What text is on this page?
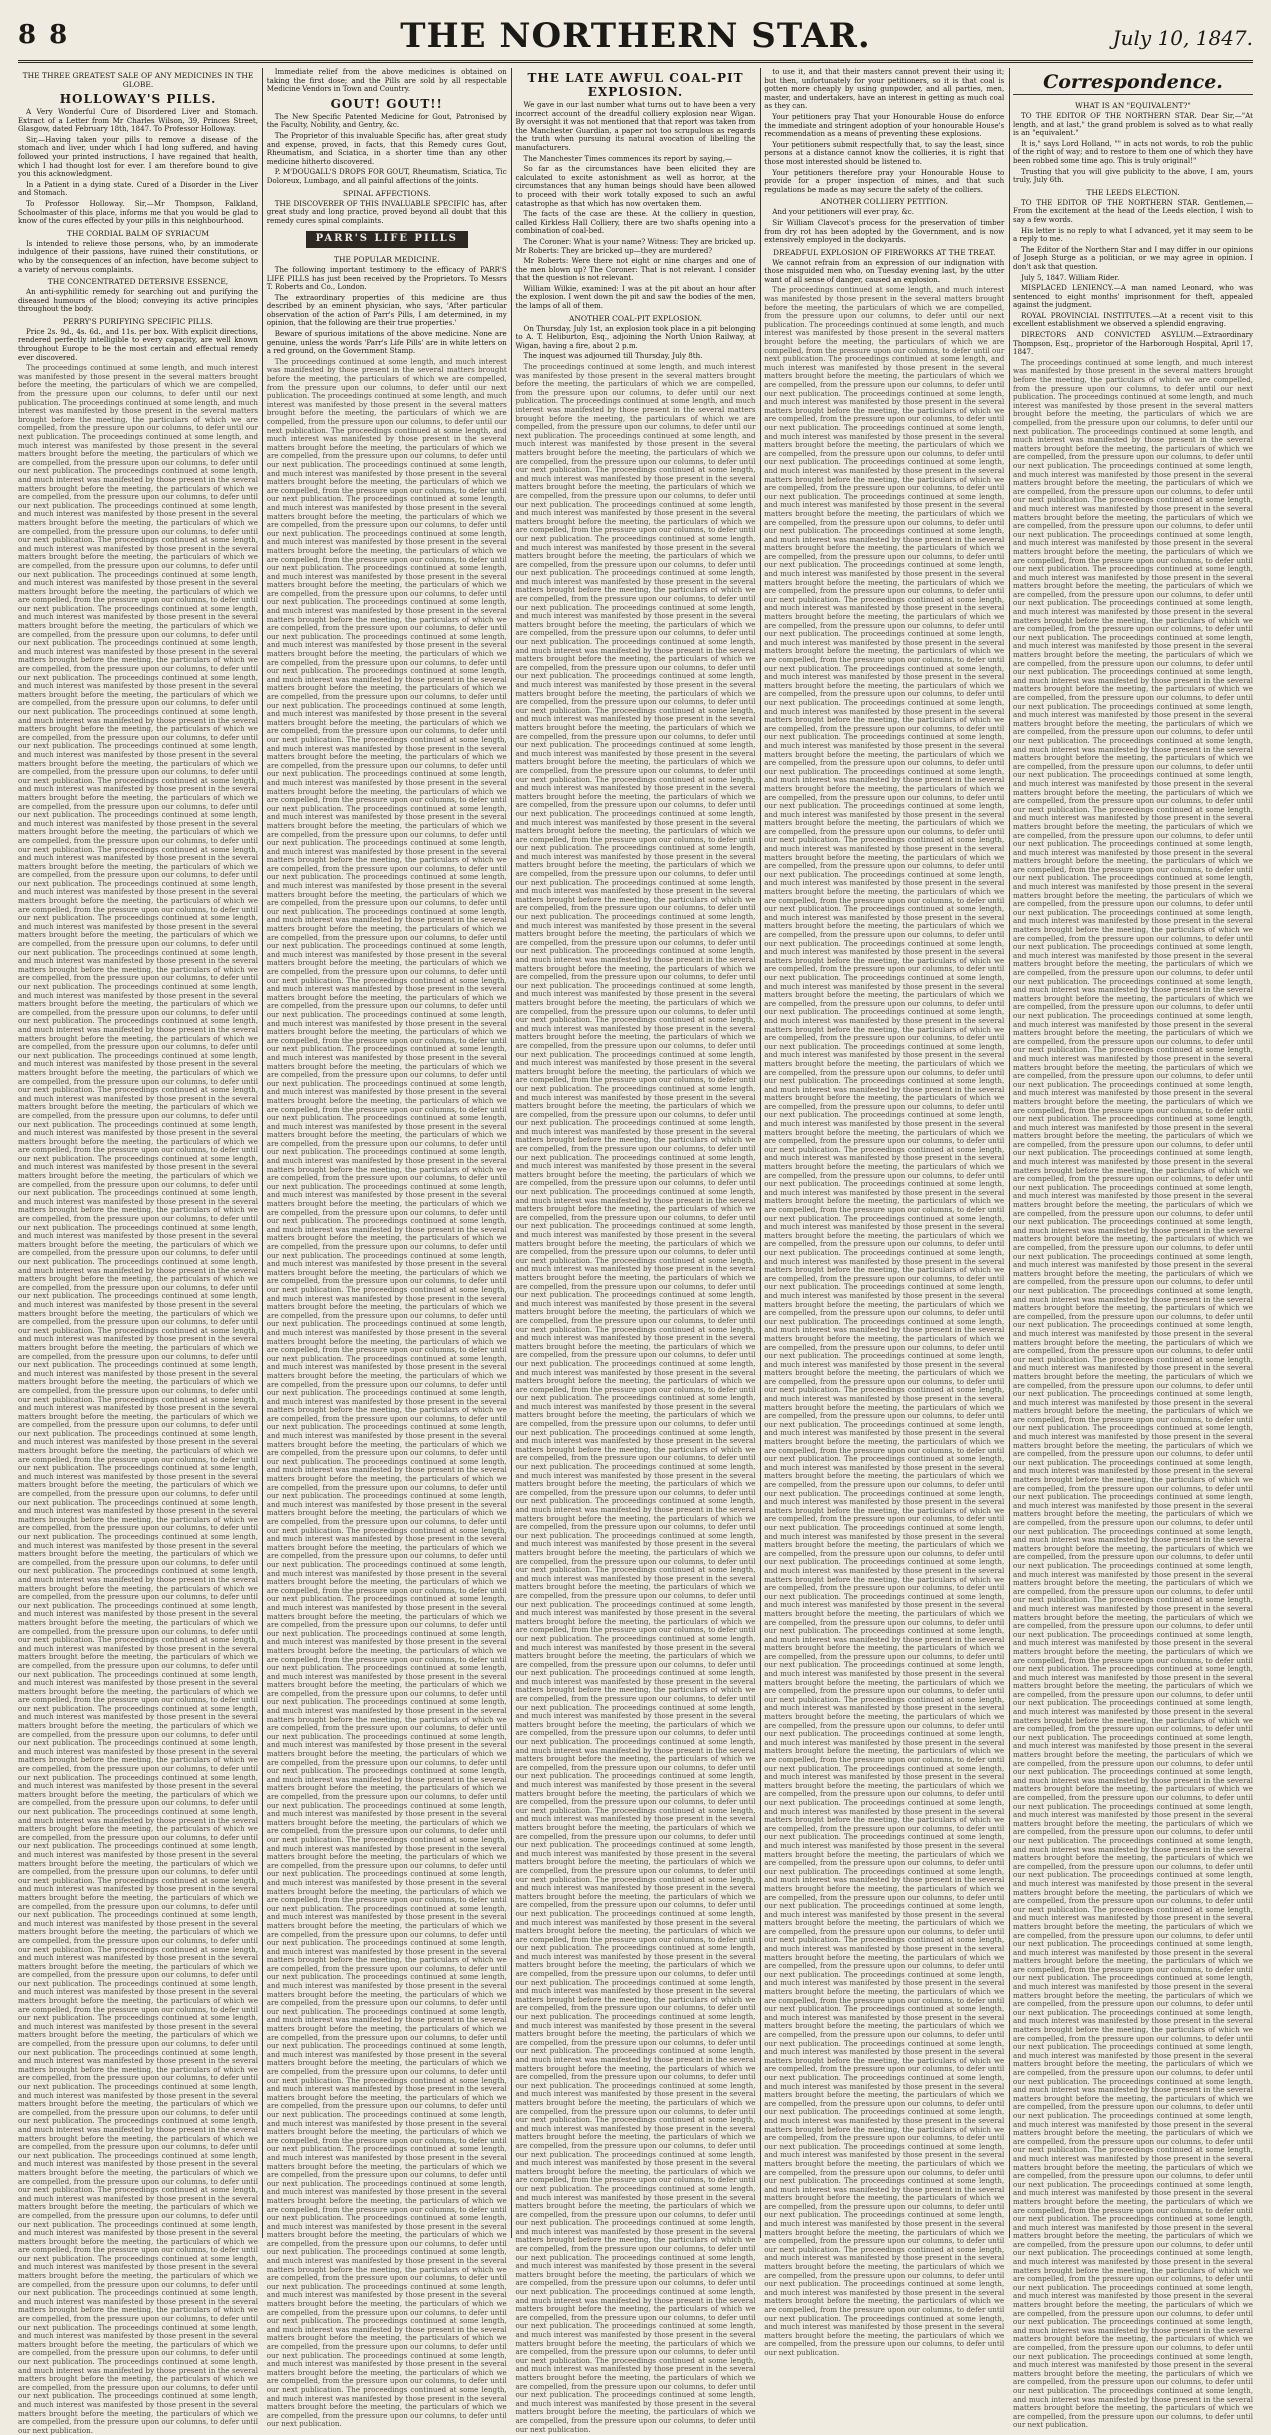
8 8	THE NORTHERN STAR.	July 10, 1847.
THE THREE GREATEST SALE OF ANY MEDICINES IN THE GLOBE.
HOLLOWAY'S PILLS.

A Very Wonderful Cure of Disordered Liver and Stomach. Extract of a Letter from Mr Charles Wilson, 39, Princes Street, Glasgow, dated February 18th, 1847. To Professor Holloway.

Sir,—Having taken your pills to remove a disease of the stomach and liver, under which I had long suffered, and having followed your printed instructions, I have regained that health, which I had thought lost for ever. I am therefore bound to give you this acknowledgment.

In a Patient in a dying state. Cured of a Disorder in the Liver and Stomach.

To Professor Holloway. Sir,—Mr Thompson, Falkland, Schoolmaster of this place, informs me that you would be glad to know of the cures effected by your pills in this neighbourhood.

THE CORDIAL BALM OF SYRIACUM

Is intended to relieve those persons, who, by an immoderate indulgence of their passions, have ruined their constitutions, or who by the consequences of an infection, have become subject to a variety of nervous complaints.

THE CONCENTRATED DETERSIVE ESSENCE,

An anti-syphilitic remedy for searching out and purifying the diseased humours of the blood; conveying its active principles throughout the body.

PERRY'S PURIFYING SPECIFIC PILLS.

Price 2s. 9d., 4s. 6d., and 11s. per box. With explicit directions, rendered perfectly intelligible to every capacity, are well known throughout Europe to be the most certain and effectual remedy ever discovered.

The proceedings continued at some length, and much interest was manifested by those present in the several matters brought before the meeting, the particulars of which we are compelled, from the pressure upon our columns, to defer until our next publication. The proceedings continued at some length, and much interest was manifested by those present in the several matters brought before the meeting, the particulars of which we are compelled, from the pressure upon our columns, to defer until our next publication. The proceedings continued at some length, and much interest was manifested by those present in the several matters brought before the meeting, the particulars of which we are compelled, from the pressure upon our columns, to defer until our next publication. The proceedings continued at some length, and much interest was manifested by those present in the several matters brought before the meeting, the particulars of which we are compelled, from the pressure upon our columns, to defer until our next publication. The proceedings continued at some length, and much interest was manifested by those present in the several matters brought before the meeting, the particulars of which we are compelled, from the pressure upon our columns, to defer until our next publication. The proceedings continued at some length, and much interest was manifested by those present in the several matters brought before the meeting, the particulars of which we are compelled, from the pressure upon our columns, to defer until our next publication. The proceedings continued at some length, and much interest was manifested by those present in the several matters brought before the meeting, the particulars of which we are compelled, from the pressure upon our columns, to defer until our next publication. The proceedings continued at some length, and much interest was manifested by those present in the several matters brought before the meeting, the particulars of which we are compelled, from the pressure upon our columns, to defer until our next publication. The proceedings continued at some length, and much interest was manifested by those present in the several matters brought before the meeting, the particulars of which we are compelled, from the pressure upon our columns, to defer until our next publication. The proceedings continued at some length, and much interest was manifested by those present in the several matters brought before the meeting, the particulars of which we are compelled, from the pressure upon our columns, to defer until our next publication. The proceedings continued at some length, and much interest was manifested by those present in the several matters brought before the meeting, the particulars of which we are compelled, from the pressure upon our columns, to defer until our next publication. The proceedings continued at some length, and much interest was manifested by those present in the several matters brought before the meeting, the particulars of which we are compelled, from the pressure upon our columns, to defer until our next publication. The proceedings continued at some length, and much interest was manifested by those present in the several matters brought before the meeting, the particulars of which we are compelled, from the pressure upon our columns, to defer until our next publication. The proceedings continued at some length, and much interest was manifested by those present in the several matters brought before the meeting, the particulars of which we are compelled, from the pressure upon our columns, to defer until our next publication. The proceedings continued at some length, and much interest was manifested by those present in the several matters brought before the meeting, the particulars of which we are compelled, from the pressure upon our columns, to defer until our next publication. The proceedings continued at some length, and much interest was manifested by those present in the several matters brought before the meeting, the particulars of which we are compelled, from the pressure upon our columns, to defer until our next publication. The proceedings continued at some length, and much interest was manifested by those present in the several matters brought before the meeting, the particulars of which we are compelled, from the pressure upon our columns, to defer until our next publication. The proceedings continued at some length, and much interest was manifested by those present in the several matters brought before the meeting, the particulars of which we are compelled, from the pressure upon our columns, to defer until our next publication. The proceedings continued at some length, and much interest was manifested by those present in the several matters brought before the meeting, the particulars of which we are compelled, from the pressure upon our columns, to defer until our next publication. The proceedings continued at some length, and much interest was manifested by those present in the several matters brought before the meeting, the particulars of which we are compelled, from the pressure upon our columns, to defer until our next publication. The proceedings continued at some length, and much interest was manifested by those present in the several matters brought before the meeting, the particulars of which we are compelled, from the pressure upon our columns, to defer until our next publication. The proceedings continued at some length, and much interest was manifested by those present in the several matters brought before the meeting, the particulars of which we are compelled, from the pressure upon our columns, to defer until our next publication. The proceedings continued at some length, and much interest was manifested by those present in the several matters brought before the meeting, the particulars of which we are compelled, from the pressure upon our columns, to defer until our next publication. The proceedings continued at some length, and much interest was manifested by those present in the several matters brought before the meeting, the particulars of which we are compelled, from the pressure upon our columns, to defer until our next publication. The proceedings continued at some length, and much interest was manifested by those present in the several matters brought before the meeting, the particulars of which we are compelled, from the pressure upon our columns, to defer until our next publication. The proceedings continued at some length, and much interest was manifested by those present in the several matters brought before the meeting, the particulars of which we are compelled, from the pressure upon our columns, to defer until our next publication. The proceedings continued at some length, and much interest was manifested by those present in the several matters brought before the meeting, the particulars of which we are compelled, from the pressure upon our columns, to defer until our next publication. The proceedings continued at some length, and much interest was manifested by those present in the several matters brought before the meeting, the particulars of which we are compelled, from the pressure upon our columns, to defer until our next publication. The proceedings continued at some length, and much interest was manifested by those present in the several matters brought before the meeting, the particulars of which we are compelled, from the pressure upon our columns, to defer until our next publication. The proceedings continued at some length, and much interest was manifested by those present in the several matters brought before the meeting, the particulars of which we are compelled, from the pressure upon our columns, to defer until our next publication. The proceedings continued at some length, and much interest was manifested by those present in the several matters brought before the meeting, the particulars of which we are compelled, from the pressure upon our columns, to defer until our next publication. The proceedings continued at some length, and much interest was manifested by those present in the several matters brought before the meeting, the particulars of which we are compelled, from the pressure upon our columns, to defer until our next publication. The proceedings continued at some length, and much interest was manifested by those present in the several matters brought before the meeting, the particulars of which we are compelled, from the pressure upon our columns, to defer until our next publication. The proceedings continued at some length, and much interest was manifested by those present in the several matters brought before the meeting, the particulars of which we are compelled, from the pressure upon our columns, to defer until our next publication. The proceedings continued at some length, and much interest was manifested by those present in the several matters brought before the meeting, the particulars of which we are compelled, from the pressure upon our columns, to defer until our next publication. The proceedings continued at some length, and much interest was manifested by those present in the several matters brought before the meeting, the particulars of which we are compelled, from the pressure upon our columns, to defer until our next publication. The proceedings continued at some length, and much interest was manifested by those present in the several matters brought before the meeting, the particulars of which we are compelled, from the pressure upon our columns, to defer until our next publication. The proceedings continued at some length, and much interest was manifested by those present in the several matters brought before the meeting, the particulars of which we are compelled, from the pressure upon our columns, to defer until our next publication. The proceedings continued at some length, and much interest was manifested by those present in the several matters brought before the meeting, the particulars of which we are compelled, from the pressure upon our columns, to defer until our next publication. The proceedings continued at some length, and much interest was manifested by those present in the several matters brought before the meeting, the particulars of which we are compelled, from the pressure upon our columns, to defer until our next publication. The proceedings continued at some length, and much interest was manifested by those present in the several matters brought before the meeting, the particulars of which we are compelled, from the pressure upon our columns, to defer until our next publication. The proceedings continued at some length, and much interest was manifested by those present in the several matters brought before the meeting, the particulars of which we are compelled, from the pressure upon our columns, to defer until our next publication. The proceedings continued at some length, and much interest was manifested by those present in the several matters brought before the meeting, the particulars of which we are compelled, from the pressure upon our columns, to defer until our next publication. The proceedings continued at some length, and much interest was manifested by those present in the several matters brought before the meeting, the particulars of which we are compelled, from the pressure upon our columns, to defer until our next publication. The proceedings continued at some length, and much interest was manifested by those present in the several matters brought before the meeting, the particulars of which we are compelled, from the pressure upon our columns, to defer until our next publication. The proceedings continued at some length, and much interest was manifested by those present in the several matters brought before the meeting, the particulars of which we are compelled, from the pressure upon our columns, to defer until our next publication. The proceedings continued at some length, and much interest was manifested by those present in the several matters brought before the meeting, the particulars of which we are compelled, from the pressure upon our columns, to defer until our next publication. The proceedings continued at some length, and much interest was manifested by those present in the several matters brought before the meeting, the particulars of which we are compelled, from the pressure upon our columns, to defer until our next publication. The proceedings continued at some length, and much interest was manifested by those present in the several matters brought before the meeting, the particulars of which we are compelled, from the pressure upon our columns, to defer until our next publication. The proceedings continued at some length, and much interest was manifested by those present in the several matters brought before the meeting, the particulars of which we are compelled, from the pressure upon our columns, to defer until our next publication. The proceedings continued at some length, and much interest was manifested by those present in the several matters brought before the meeting, the particulars of which we are compelled, from the pressure upon our columns, to defer until our next publication. The proceedings continued at some length, and much interest was manifested by those present in the several matters brought before the meeting, the particulars of which we are compelled, from the pressure upon our columns, to defer until our next publication. The proceedings continued at some length, and much interest was manifested by those present in the several matters brought before the meeting, the particulars of which we are compelled, from the pressure upon our columns, to defer until our next publication. The proceedings continued at some length, and much interest was manifested by those present in the several matters brought before the meeting, the particulars of which we are compelled, from the pressure upon our columns, to defer until our next publication. The proceedings continued at some length, and much interest was manifested by those present in the several matters brought before the meeting, the particulars of which we are compelled, from the pressure upon our columns, to defer until our next publication. The proceedings continued at some length, and much interest was manifested by those present in the several matters brought before the meeting, the particulars of which we are compelled, from the pressure upon our columns, to defer until our next publication. The proceedings continued at some length, and much interest was manifested by those present in the several matters brought before the meeting, the particulars of which we are compelled, from the pressure upon our columns, to defer until our next publication. The proceedings continued at some length, and much interest was manifested by those present in the several matters brought before the meeting, the particulars of which we are compelled, from the pressure upon our columns, to defer until our next publication. The proceedings continued at some length, and much interest was manifested by those present in the several matters brought before the meeting, the particulars of which we are compelled, from the pressure upon our columns, to defer until our next publication. The proceedings continued at some length, and much interest was manifested by those present in the several matters brought before the meeting, the particulars of which we are compelled, from the pressure upon our columns, to defer until our next publication.

Immediate relief from the above medicines is obtained on taking the first dose; and the Pills are sold by all respectable Medicine Vendors in Town and Country.

GOUT! GOUT!!

The New Specific Patented Medicine for Gout, Patronised by the Faculty, Nobility, and Gentry, &c.

The Proprietor of this invaluable Specific has, after great study and expense, proved, in facts, that this Remedy cures Gout, Rheumatism, and Sciatica, in a shorter time than any other medicine hitherto discovered.

P. M'DOUGALL'S DROPS FOR GOUT, Rheumatism, Sciatica, Tic Doloreux, Lumbago, and all painful affections of the joints.

SPINAL AFFECTIONS.

THE DISCOVERER OF THIS INVALUABLE SPECIFIC has, after great study and long practice, proved beyond all doubt that this remedy cures spinal complaints.

PARR'S LIFE PILLS
THE POPULAR MEDICINE.

The following important testimony to the efficacy of PARR'S LIFE PILLS has just been received by the Proprietors. To Messrs T. Roberts and Co., London.

The extraordinary properties of this medicine are thus described by an eminent physician, who says, 'After particular observation of the action of Parr's Pills, I am determined, in my opinion, that the following are their true properties.'

Beware of spurious imitations of the above medicine. None are genuine, unless the words 'Parr's Life Pills' are in white letters on a red ground, on the Government Stamp.

The proceedings continued at some length, and much interest was manifested by those present in the several matters brought before the meeting, the particulars of which we are compelled, from the pressure upon our columns, to defer until our next publication. The proceedings continued at some length, and much interest was manifested by those present in the several matters brought before the meeting, the particulars of which we are compelled, from the pressure upon our columns, to defer until our next publication. The proceedings continued at some length, and much interest was manifested by those present in the several matters brought before the meeting, the particulars of which we are compelled, from the pressure upon our columns, to defer until our next publication. The proceedings continued at some length, and much interest was manifested by those present in the several matters brought before the meeting, the particulars of which we are compelled, from the pressure upon our columns, to defer until our next publication. The proceedings continued at some length, and much interest was manifested by those present in the several matters brought before the meeting, the particulars of which we are compelled, from the pressure upon our columns, to defer until our next publication. The proceedings continued at some length, and much interest was manifested by those present in the several matters brought before the meeting, the particulars of which we are compelled, from the pressure upon our columns, to defer until our next publication. The proceedings continued at some length, and much interest was manifested by those present in the several matters brought before the meeting, the particulars of which we are compelled, from the pressure upon our columns, to defer until our next publication. The proceedings continued at some length, and much interest was manifested by those present in the several matters brought before the meeting, the particulars of which we are compelled, from the pressure upon our columns, to defer until our next publication. The proceedings continued at some length, and much interest was manifested by those present in the several matters brought before the meeting, the particulars of which we are compelled, from the pressure upon our columns, to defer until our next publication. The proceedings continued at some length, and much interest was manifested by those present in the several matters brought before the meeting, the particulars of which we are compelled, from the pressure upon our columns, to defer until our next publication. The proceedings continued at some length, and much interest was manifested by those present in the several matters brought before the meeting, the particulars of which we are compelled, from the pressure upon our columns, to defer until our next publication. The proceedings continued at some length, and much interest was manifested by those present in the several matters brought before the meeting, the particulars of which we are compelled, from the pressure upon our columns, to defer until our next publication. The proceedings continued at some length, and much interest was manifested by those present in the several matters brought before the meeting, the particulars of which we are compelled, from the pressure upon our columns, to defer until our next publication. The proceedings continued at some length, and much interest was manifested by those present in the several matters brought before the meeting, the particulars of which we are compelled, from the pressure upon our columns, to defer until our next publication. The proceedings continued at some length, and much interest was manifested by those present in the several matters brought before the meeting, the particulars of which we are compelled, from the pressure upon our columns, to defer until our next publication. The proceedings continued at some length, and much interest was manifested by those present in the several matters brought before the meeting, the particulars of which we are compelled, from the pressure upon our columns, to defer until our next publication. The proceedings continued at some length, and much interest was manifested by those present in the several matters brought before the meeting, the particulars of which we are compelled, from the pressure upon our columns, to defer until our next publication. The proceedings continued at some length, and much interest was manifested by those present in the several matters brought before the meeting, the particulars of which we are compelled, from the pressure upon our columns, to defer until our next publication. The proceedings continued at some length, and much interest was manifested by those present in the several matters brought before the meeting, the particulars of which we are compelled, from the pressure upon our columns, to defer until our next publication. The proceedings continued at some length, and much interest was manifested by those present in the several matters brought before the meeting, the particulars of which we are compelled, from the pressure upon our columns, to defer until our next publication. The proceedings continued at some length, and much interest was manifested by those present in the several matters brought before the meeting, the particulars of which we are compelled, from the pressure upon our columns, to defer until our next publication. The proceedings continued at some length, and much interest was manifested by those present in the several matters brought before the meeting, the particulars of which we are compelled, from the pressure upon our columns, to defer until our next publication. The proceedings continued at some length, and much interest was manifested by those present in the several matters brought before the meeting, the particulars of which we are compelled, from the pressure upon our columns, to defer until our next publication. The proceedings continued at some length, and much interest was manifested by those present in the several matters brought before the meeting, the particulars of which we are compelled, from the pressure upon our columns, to defer until our next publication. The proceedings continued at some length, and much interest was manifested by those present in the several matters brought before the meeting, the particulars of which we are compelled, from the pressure upon our columns, to defer until our next publication. The proceedings continued at some length, and much interest was manifested by those present in the several matters brought before the meeting, the particulars of which we are compelled, from the pressure upon our columns, to defer until our next publication. The proceedings continued at some length, and much interest was manifested by those present in the several matters brought before the meeting, the particulars of which we are compelled, from the pressure upon our columns, to defer until our next publication. The proceedings continued at some length, and much interest was manifested by those present in the several matters brought before the meeting, the particulars of which we are compelled, from the pressure upon our columns, to defer until our next publication. The proceedings continued at some length, and much interest was manifested by those present in the several matters brought before the meeting, the particulars of which we are compelled, from the pressure upon our columns, to defer until our next publication. The proceedings continued at some length, and much interest was manifested by those present in the several matters brought before the meeting, the particulars of which we are compelled, from the pressure upon our columns, to defer until our next publication. The proceedings continued at some length, and much interest was manifested by those present in the several matters brought before the meeting, the particulars of which we are compelled, from the pressure upon our columns, to defer until our next publication. The proceedings continued at some length, and much interest was manifested by those present in the several matters brought before the meeting, the particulars of which we are compelled, from the pressure upon our columns, to defer until our next publication. The proceedings continued at some length, and much interest was manifested by those present in the several matters brought before the meeting, the particulars of which we are compelled, from the pressure upon our columns, to defer until our next publication. The proceedings continued at some length, and much interest was manifested by those present in the several matters brought before the meeting, the particulars of which we are compelled, from the pressure upon our columns, to defer until our next publication. The proceedings continued at some length, and much interest was manifested by those present in the several matters brought before the meeting, the particulars of which we are compelled, from the pressure upon our columns, to defer until our next publication. The proceedings continued at some length, and much interest was manifested by those present in the several matters brought before the meeting, the particulars of which we are compelled, from the pressure upon our columns, to defer until our next publication. The proceedings continued at some length, and much interest was manifested by those present in the several matters brought before the meeting, the particulars of which we are compelled, from the pressure upon our columns, to defer until our next publication. The proceedings continued at some length, and much interest was manifested by those present in the several matters brought before the meeting, the particulars of which we are compelled, from the pressure upon our columns, to defer until our next publication. The proceedings continued at some length, and much interest was manifested by those present in the several matters brought before the meeting, the particulars of which we are compelled, from the pressure upon our columns, to defer until our next publication. The proceedings continued at some length, and much interest was manifested by those present in the several matters brought before the meeting, the particulars of which we are compelled, from the pressure upon our columns, to defer until our next publication. The proceedings continued at some length, and much interest was manifested by those present in the several matters brought before the meeting, the particulars of which we are compelled, from the pressure upon our columns, to defer until our next publication. The proceedings continued at some length, and much interest was manifested by those present in the several matters brought before the meeting, the particulars of which we are compelled, from the pressure upon our columns, to defer until our next publication. The proceedings continued at some length, and much interest was manifested by those present in the several matters brought before the meeting, the particulars of which we are compelled, from the pressure upon our columns, to defer until our next publication. The proceedings continued at some length, and much interest was manifested by those present in the several matters brought before the meeting, the particulars of which we are compelled, from the pressure upon our columns, to defer until our next publication. The proceedings continued at some length, and much interest was manifested by those present in the several matters brought before the meeting, the particulars of which we are compelled, from the pressure upon our columns, to defer until our next publication. The proceedings continued at some length, and much interest was manifested by those present in the several matters brought before the meeting, the particulars of which we are compelled, from the pressure upon our columns, to defer until our next publication. The proceedings continued at some length, and much interest was manifested by those present in the several matters brought before the meeting, the particulars of which we are compelled, from the pressure upon our columns, to defer until our next publication. The proceedings continued at some length, and much interest was manifested by those present in the several matters brought before the meeting, the particulars of which we are compelled, from the pressure upon our columns, to defer until our next publication. The proceedings continued at some length, and much interest was manifested by those present in the several matters brought before the meeting, the particulars of which we are compelled, from the pressure upon our columns, to defer until our next publication. The proceedings continued at some length, and much interest was manifested by those present in the several matters brought before the meeting, the particulars of which we are compelled, from the pressure upon our columns, to defer until our next publication. The proceedings continued at some length, and much interest was manifested by those present in the several matters brought before the meeting, the particulars of which we are compelled, from the pressure upon our columns, to defer until our next publication. The proceedings continued at some length, and much interest was manifested by those present in the several matters brought before the meeting, the particulars of which we are compelled, from the pressure upon our columns, to defer until our next publication. The proceedings continued at some length, and much interest was manifested by those present in the several matters brought before the meeting, the particulars of which we are compelled, from the pressure upon our columns, to defer until our next publication. The proceedings continued at some length, and much interest was manifested by those present in the several matters brought before the meeting, the particulars of which we are compelled, from the pressure upon our columns, to defer until our next publication. The proceedings continued at some length, and much interest was manifested by those present in the several matters brought before the meeting, the particulars of which we are compelled, from the pressure upon our columns, to defer until our next publication. The proceedings continued at some length, and much interest was manifested by those present in the several matters brought before the meeting, the particulars of which we are compelled, from the pressure upon our columns, to defer until our next publication. The proceedings continued at some length, and much interest was manifested by those present in the several matters brought before the meeting, the particulars of which we are compelled, from the pressure upon our columns, to defer until our next publication. The proceedings continued at some length, and much interest was manifested by those present in the several matters brought before the meeting, the particulars of which we are compelled, from the pressure upon our columns, to defer until our next publication. The proceedings continued at some length, and much interest was manifested by those present in the several matters brought before the meeting, the particulars of which we are compelled, from the pressure upon our columns, to defer until our next publication. The proceedings continued at some length, and much interest was manifested by those present in the several matters brought before the meeting, the particulars of which we are compelled, from the pressure upon our columns, to defer until our next publication.

THE LATE AWFUL COAL-PIT EXPLOSION.

We gave in our last number what turns out to have been a very incorrect account of the dreadful colliery explosion near Wigan. By oversight it was not mentioned that that report was taken from the Manchester Guardian, a paper not too scrupulous as regards the truth when pursuing its natural avocation of libelling the manufacturers.

The Manchester Times commences its report by saying,—

So far as the circumstances have been elicited they are calculated to excite astonishment as well as horror, at the circumstances that any human beings should have been allowed to proceed with their work totally exposed to such an awful catastrophe as that which has now overtaken them.

The facts of the case are these. At the colliery in question, called Kirkless Hall Colliery, there are two shafts opening into a combination of coal-bed.

The Coroner: What is your name? Witness: They are bricked up. Mr Roberts: They are bricked up—they are murdered?

Mr Roberts: Were there not eight or nine charges and one of the men blown up? The Coroner: That is not relevant. I consider that the question is not relevant.

William Wilkie, examined: I was at the pit about an hour after the explosion. I went down the pit and saw the bodies of the men, the lamps of all of them.

ANOTHER COAL-PIT EXPLOSION.

On Thursday, July 1st, an explosion took place in a pit belonging to A. T. Heliburton, Esq., adjoining the North Union Railway, at Wigan, having a fire, about 2 p.m.

The inquest was adjourned till Thursday, July 8th.

The proceedings continued at some length, and much interest was manifested by those present in the several matters brought before the meeting, the particulars of which we are compelled, from the pressure upon our columns, to defer until our next publication. The proceedings continued at some length, and much interest was manifested by those present in the several matters brought before the meeting, the particulars of which we are compelled, from the pressure upon our columns, to defer until our next publication. The proceedings continued at some length, and much interest was manifested by those present in the several matters brought before the meeting, the particulars of which we are compelled, from the pressure upon our columns, to defer until our next publication. The proceedings continued at some length, and much interest was manifested by those present in the several matters brought before the meeting, the particulars of which we are compelled, from the pressure upon our columns, to defer until our next publication. The proceedings continued at some length, and much interest was manifested by those present in the several matters brought before the meeting, the particulars of which we are compelled, from the pressure upon our columns, to defer until our next publication. The proceedings continued at some length, and much interest was manifested by those present in the several matters brought before the meeting, the particulars of which we are compelled, from the pressure upon our columns, to defer until our next publication. The proceedings continued at some length, and much interest was manifested by those present in the several matters brought before the meeting, the particulars of which we are compelled, from the pressure upon our columns, to defer until our next publication. The proceedings continued at some length, and much interest was manifested by those present in the several matters brought before the meeting, the particulars of which we are compelled, from the pressure upon our columns, to defer until our next publication. The proceedings continued at some length, and much interest was manifested by those present in the several matters brought before the meeting, the particulars of which we are compelled, from the pressure upon our columns, to defer until our next publication. The proceedings continued at some length, and much interest was manifested by those present in the several matters brought before the meeting, the particulars of which we are compelled, from the pressure upon our columns, to defer until our next publication. The proceedings continued at some length, and much interest was manifested by those present in the several matters brought before the meeting, the particulars of which we are compelled, from the pressure upon our columns, to defer until our next publication. The proceedings continued at some length, and much interest was manifested by those present in the several matters brought before the meeting, the particulars of which we are compelled, from the pressure upon our columns, to defer until our next publication. The proceedings continued at some length, and much interest was manifested by those present in the several matters brought before the meeting, the particulars of which we are compelled, from the pressure upon our columns, to defer until our next publication. The proceedings continued at some length, and much interest was manifested by those present in the several matters brought before the meeting, the particulars of which we are compelled, from the pressure upon our columns, to defer until our next publication. The proceedings continued at some length, and much interest was manifested by those present in the several matters brought before the meeting, the particulars of which we are compelled, from the pressure upon our columns, to defer until our next publication. The proceedings continued at some length, and much interest was manifested by those present in the several matters brought before the meeting, the particulars of which we are compelled, from the pressure upon our columns, to defer until our next publication. The proceedings continued at some length, and much interest was manifested by those present in the several matters brought before the meeting, the particulars of which we are compelled, from the pressure upon our columns, to defer until our next publication. The proceedings continued at some length, and much interest was manifested by those present in the several matters brought before the meeting, the particulars of which we are compelled, from the pressure upon our columns, to defer until our next publication. The proceedings continued at some length, and much interest was manifested by those present in the several matters brought before the meeting, the particulars of which we are compelled, from the pressure upon our columns, to defer until our next publication. The proceedings continued at some length, and much interest was manifested by those present in the several matters brought before the meeting, the particulars of which we are compelled, from the pressure upon our columns, to defer until our next publication. The proceedings continued at some length, and much interest was manifested by those present in the several matters brought before the meeting, the particulars of which we are compelled, from the pressure upon our columns, to defer until our next publication. The proceedings continued at some length, and much interest was manifested by those present in the several matters brought before the meeting, the particulars of which we are compelled, from the pressure upon our columns, to defer until our next publication. The proceedings continued at some length, and much interest was manifested by those present in the several matters brought before the meeting, the particulars of which we are compelled, from the pressure upon our columns, to defer until our next publication. The proceedings continued at some length, and much interest was manifested by those present in the several matters brought before the meeting, the particulars of which we are compelled, from the pressure upon our columns, to defer until our next publication. The proceedings continued at some length, and much interest was manifested by those present in the several matters brought before the meeting, the particulars of which we are compelled, from the pressure upon our columns, to defer until our next publication. The proceedings continued at some length, and much interest was manifested by those present in the several matters brought before the meeting, the particulars of which we are compelled, from the pressure upon our columns, to defer until our next publication. The proceedings continued at some length, and much interest was manifested by those present in the several matters brought before the meeting, the particulars of which we are compelled, from the pressure upon our columns, to defer until our next publication. The proceedings continued at some length, and much interest was manifested by those present in the several matters brought before the meeting, the particulars of which we are compelled, from the pressure upon our columns, to defer until our next publication. The proceedings continued at some length, and much interest was manifested by those present in the several matters brought before the meeting, the particulars of which we are compelled, from the pressure upon our columns, to defer until our next publication. The proceedings continued at some length, and much interest was manifested by those present in the several matters brought before the meeting, the particulars of which we are compelled, from the pressure upon our columns, to defer until our next publication. The proceedings continued at some length, and much interest was manifested by those present in the several matters brought before the meeting, the particulars of which we are compelled, from the pressure upon our columns, to defer until our next publication. The proceedings continued at some length, and much interest was manifested by those present in the several matters brought before the meeting, the particulars of which we are compelled, from the pressure upon our columns, to defer until our next publication. The proceedings continued at some length, and much interest was manifested by those present in the several matters brought before the meeting, the particulars of which we are compelled, from the pressure upon our columns, to defer until our next publication. The proceedings continued at some length, and much interest was manifested by those present in the several matters brought before the meeting, the particulars of which we are compelled, from the pressure upon our columns, to defer until our next publication. The proceedings continued at some length, and much interest was manifested by those present in the several matters brought before the meeting, the particulars of which we are compelled, from the pressure upon our columns, to defer until our next publication. The proceedings continued at some length, and much interest was manifested by those present in the several matters brought before the meeting, the particulars of which we are compelled, from the pressure upon our columns, to defer until our next publication. The proceedings continued at some length, and much interest was manifested by those present in the several matters brought before the meeting, the particulars of which we are compelled, from the pressure upon our columns, to defer until our next publication. The proceedings continued at some length, and much interest was manifested by those present in the several matters brought before the meeting, the particulars of which we are compelled, from the pressure upon our columns, to defer until our next publication. The proceedings continued at some length, and much interest was manifested by those present in the several matters brought before the meeting, the particulars of which we are compelled, from the pressure upon our columns, to defer until our next publication. The proceedings continued at some length, and much interest was manifested by those present in the several matters brought before the meeting, the particulars of which we are compelled, from the pressure upon our columns, to defer until our next publication. The proceedings continued at some length, and much interest was manifested by those present in the several matters brought before the meeting, the particulars of which we are compelled, from the pressure upon our columns, to defer until our next publication. The proceedings continued at some length, and much interest was manifested by those present in the several matters brought before the meeting, the particulars of which we are compelled, from the pressure upon our columns, to defer until our next publication. The proceedings continued at some length, and much interest was manifested by those present in the several matters brought before the meeting, the particulars of which we are compelled, from the pressure upon our columns, to defer until our next publication. The proceedings continued at some length, and much interest was manifested by those present in the several matters brought before the meeting, the particulars of which we are compelled, from the pressure upon our columns, to defer until our next publication. The proceedings continued at some length, and much interest was manifested by those present in the several matters brought before the meeting, the particulars of which we are compelled, from the pressure upon our columns, to defer until our next publication. The proceedings continued at some length, and much interest was manifested by those present in the several matters brought before the meeting, the particulars of which we are compelled, from the pressure upon our columns, to defer until our next publication. The proceedings continued at some length, and much interest was manifested by those present in the several matters brought before the meeting, the particulars of which we are compelled, from the pressure upon our columns, to defer until our next publication. The proceedings continued at some length, and much interest was manifested by those present in the several matters brought before the meeting, the particulars of which we are compelled, from the pressure upon our columns, to defer until our next publication. The proceedings continued at some length, and much interest was manifested by those present in the several matters brought before the meeting, the particulars of which we are compelled, from the pressure upon our columns, to defer until our next publication. The proceedings continued at some length, and much interest was manifested by those present in the several matters brought before the meeting, the particulars of which we are compelled, from the pressure upon our columns, to defer until our next publication. The proceedings continued at some length, and much interest was manifested by those present in the several matters brought before the meeting, the particulars of which we are compelled, from the pressure upon our columns, to defer until our next publication. The proceedings continued at some length, and much interest was manifested by those present in the several matters brought before the meeting, the particulars of which we are compelled, from the pressure upon our columns, to defer until our next publication. The proceedings continued at some length, and much interest was manifested by those present in the several matters brought before the meeting, the particulars of which we are compelled, from the pressure upon our columns, to defer until our next publication. The proceedings continued at some length, and much interest was manifested by those present in the several matters brought before the meeting, the particulars of which we are compelled, from the pressure upon our columns, to defer until our next publication. The proceedings continued at some length, and much interest was manifested by those present in the several matters brought before the meeting, the particulars of which we are compelled, from the pressure upon our columns, to defer until our next publication. The proceedings continued at some length, and much interest was manifested by those present in the several matters brought before the meeting, the particulars of which we are compelled, from the pressure upon our columns, to defer until our next publication. The proceedings continued at some length, and much interest was manifested by those present in the several matters brought before the meeting, the particulars of which we are compelled, from the pressure upon our columns, to defer until our next publication. The proceedings continued at some length, and much interest was manifested by those present in the several matters brought before the meeting, the particulars of which we are compelled, from the pressure upon our columns, to defer until our next publication. The proceedings continued at some length, and much interest was manifested by those present in the several matters brought before the meeting, the particulars of which we are compelled, from the pressure upon our columns, to defer until our next publication. The proceedings continued at some length, and much interest was manifested by those present in the several matters brought before the meeting, the particulars of which we are compelled, from the pressure upon our columns, to defer until our next publication.

to use it, and that their masters cannot prevent their using it; but then, unfortunately for your petitioners, so it is that coal is gotten more cheaply by using gunpowder, and all parties, men, master, and undertakers, have an interest in getting as much coal as they can.

Your petitioners pray That your Honourable House do enforce the immediate and stringent adoption of your honourable House's recommendation as a means of preventing these explosions.

Your petitioners submit respectfully that, to say the least, since persons at a distance cannot know the collieries, it is right that those most interested should be listened to.

Your petitioners therefore pray your Honourable House to provide for a proper inspection of mines, and that such regulations be made as may secure the safety of the colliers.

ANOTHER COLLIERY PETITION.

And your petitioners will ever pray, &c.

Sir William Clavecot's process for the preservation of timber from dry rot has been adopted by the Government, and is now extensively employed in the dockyards.

DREADFUL EXPLOSION OF FIREWORKS AT THE TREAT.

We cannot refrain from an expression of our indignation with those misguided men who, on Tuesday evening last, by the utter want of all sense of danger, caused an explosion.

The proceedings continued at some length, and much interest was manifested by those present in the several matters brought before the meeting, the particulars of which we are compelled, from the pressure upon our columns, to defer until our next publication. The proceedings continued at some length, and much interest was manifested by those present in the several matters brought before the meeting, the particulars of which we are compelled, from the pressure upon our columns, to defer until our next publication. The proceedings continued at some length, and much interest was manifested by those present in the several matters brought before the meeting, the particulars of which we are compelled, from the pressure upon our columns, to defer until our next publication. The proceedings continued at some length, and much interest was manifested by those present in the several matters brought before the meeting, the particulars of which we are compelled, from the pressure upon our columns, to defer until our next publication. The proceedings continued at some length, and much interest was manifested by those present in the several matters brought before the meeting, the particulars of which we are compelled, from the pressure upon our columns, to defer until our next publication. The proceedings continued at some length, and much interest was manifested by those present in the several matters brought before the meeting, the particulars of which we are compelled, from the pressure upon our columns, to defer until our next publication. The proceedings continued at some length, and much interest was manifested by those present in the several matters brought before the meeting, the particulars of which we are compelled, from the pressure upon our columns, to defer until our next publication. The proceedings continued at some length, and much interest was manifested by those present in the several matters brought before the meeting, the particulars of which we are compelled, from the pressure upon our columns, to defer until our next publication. The proceedings continued at some length, and much interest was manifested by those present in the several matters brought before the meeting, the particulars of which we are compelled, from the pressure upon our columns, to defer until our next publication. The proceedings continued at some length, and much interest was manifested by those present in the several matters brought before the meeting, the particulars of which we are compelled, from the pressure upon our columns, to defer until our next publication. The proceedings continued at some length, and much interest was manifested by those present in the several matters brought before the meeting, the particulars of which we are compelled, from the pressure upon our columns, to defer until our next publication. The proceedings continued at some length, and much interest was manifested by those present in the several matters brought before the meeting, the particulars of which we are compelled, from the pressure upon our columns, to defer until our next publication. The proceedings continued at some length, and much interest was manifested by those present in the several matters brought before the meeting, the particulars of which we are compelled, from the pressure upon our columns, to defer until our next publication. The proceedings continued at some length, and much interest was manifested by those present in the several matters brought before the meeting, the particulars of which we are compelled, from the pressure upon our columns, to defer until our next publication. The proceedings continued at some length, and much interest was manifested by those present in the several matters brought before the meeting, the particulars of which we are compelled, from the pressure upon our columns, to defer until our next publication. The proceedings continued at some length, and much interest was manifested by those present in the several matters brought before the meeting, the particulars of which we are compelled, from the pressure upon our columns, to defer until our next publication. The proceedings continued at some length, and much interest was manifested by those present in the several matters brought before the meeting, the particulars of which we are compelled, from the pressure upon our columns, to defer until our next publication. The proceedings continued at some length, and much interest was manifested by those present in the several matters brought before the meeting, the particulars of which we are compelled, from the pressure upon our columns, to defer until our next publication. The proceedings continued at some length, and much interest was manifested by those present in the several matters brought before the meeting, the particulars of which we are compelled, from the pressure upon our columns, to defer until our next publication. The proceedings continued at some length, and much interest was manifested by those present in the several matters brought before the meeting, the particulars of which we are compelled, from the pressure upon our columns, to defer until our next publication. The proceedings continued at some length, and much interest was manifested by those present in the several matters brought before the meeting, the particulars of which we are compelled, from the pressure upon our columns, to defer until our next publication. The proceedings continued at some length, and much interest was manifested by those present in the several matters brought before the meeting, the particulars of which we are compelled, from the pressure upon our columns, to defer until our next publication. The proceedings continued at some length, and much interest was manifested by those present in the several matters brought before the meeting, the particulars of which we are compelled, from the pressure upon our columns, to defer until our next publication. The proceedings continued at some length, and much interest was manifested by those present in the several matters brought before the meeting, the particulars of which we are compelled, from the pressure upon our columns, to defer until our next publication. The proceedings continued at some length, and much interest was manifested by those present in the several matters brought before the meeting, the particulars of which we are compelled, from the pressure upon our columns, to defer until our next publication. The proceedings continued at some length, and much interest was manifested by those present in the several matters brought before the meeting, the particulars of which we are compelled, from the pressure upon our columns, to defer until our next publication. The proceedings continued at some length, and much interest was manifested by those present in the several matters brought before the meeting, the particulars of which we are compelled, from the pressure upon our columns, to defer until our next publication. The proceedings continued at some length, and much interest was manifested by those present in the several matters brought before the meeting, the particulars of which we are compelled, from the pressure upon our columns, to defer until our next publication. The proceedings continued at some length, and much interest was manifested by those present in the several matters brought before the meeting, the particulars of which we are compelled, from the pressure upon our columns, to defer until our next publication. The proceedings continued at some length, and much interest was manifested by those present in the several matters brought before the meeting, the particulars of which we are compelled, from the pressure upon our columns, to defer until our next publication. The proceedings continued at some length, and much interest was manifested by those present in the several matters brought before the meeting, the particulars of which we are compelled, from the pressure upon our columns, to defer until our next publication. The proceedings continued at some length, and much interest was manifested by those present in the several matters brought before the meeting, the particulars of which we are compelled, from the pressure upon our columns, to defer until our next publication. The proceedings continued at some length, and much interest was manifested by those present in the several matters brought before the meeting, the particulars of which we are compelled, from the pressure upon our columns, to defer until our next publication. The proceedings continued at some length, and much interest was manifested by those present in the several matters brought before the meeting, the particulars of which we are compelled, from the pressure upon our columns, to defer until our next publication. The proceedings continued at some length, and much interest was manifested by those present in the several matters brought before the meeting, the particulars of which we are compelled, from the pressure upon our columns, to defer until our next publication. The proceedings continued at some length, and much interest was manifested by those present in the several matters brought before the meeting, the particulars of which we are compelled, from the pressure upon our columns, to defer until our next publication. The proceedings continued at some length, and much interest was manifested by those present in the several matters brought before the meeting, the particulars of which we are compelled, from the pressure upon our columns, to defer until our next publication. The proceedings continued at some length, and much interest was manifested by those present in the several matters brought before the meeting, the particulars of which we are compelled, from the pressure upon our columns, to defer until our next publication. The proceedings continued at some length, and much interest was manifested by those present in the several matters brought before the meeting, the particulars of which we are compelled, from the pressure upon our columns, to defer until our next publication. The proceedings continued at some length, and much interest was manifested by those present in the several matters brought before the meeting, the particulars of which we are compelled, from the pressure upon our columns, to defer until our next publication. The proceedings continued at some length, and much interest was manifested by those present in the several matters brought before the meeting, the particulars of which we are compelled, from the pressure upon our columns, to defer until our next publication. The proceedings continued at some length, and much interest was manifested by those present in the several matters brought before the meeting, the particulars of which we are compelled, from the pressure upon our columns, to defer until our next publication. The proceedings continued at some length, and much interest was manifested by those present in the several matters brought before the meeting, the particulars of which we are compelled, from the pressure upon our columns, to defer until our next publication. The proceedings continued at some length, and much interest was manifested by those present in the several matters brought before the meeting, the particulars of which we are compelled, from the pressure upon our columns, to defer until our next publication. The proceedings continued at some length, and much interest was manifested by those present in the several matters brought before the meeting, the particulars of which we are compelled, from the pressure upon our columns, to defer until our next publication. The proceedings continued at some length, and much interest was manifested by those present in the several matters brought before the meeting, the particulars of which we are compelled, from the pressure upon our columns, to defer until our next publication. The proceedings continued at some length, and much interest was manifested by those present in the several matters brought before the meeting, the particulars of which we are compelled, from the pressure upon our columns, to defer until our next publication. The proceedings continued at some length, and much interest was manifested by those present in the several matters brought before the meeting, the particulars of which we are compelled, from the pressure upon our columns, to defer until our next publication. The proceedings continued at some length, and much interest was manifested by those present in the several matters brought before the meeting, the particulars of which we are compelled, from the pressure upon our columns, to defer until our next publication. The proceedings continued at some length, and much interest was manifested by those present in the several matters brought before the meeting, the particulars of which we are compelled, from the pressure upon our columns, to defer until our next publication. The proceedings continued at some length, and much interest was manifested by those present in the several matters brought before the meeting, the particulars of which we are compelled, from the pressure upon our columns, to defer until our next publication. The proceedings continued at some length, and much interest was manifested by those present in the several matters brought before the meeting, the particulars of which we are compelled, from the pressure upon our columns, to defer until our next publication. The proceedings continued at some length, and much interest was manifested by those present in the several matters brought before the meeting, the particulars of which we are compelled, from the pressure upon our columns, to defer until our next publication. The proceedings continued at some length, and much interest was manifested by those present in the several matters brought before the meeting, the particulars of which we are compelled, from the pressure upon our columns, to defer until our next publication. The proceedings continued at some length, and much interest was manifested by those present in the several matters brought before the meeting, the particulars of which we are compelled, from the pressure upon our columns, to defer until our next publication. The proceedings continued at some length, and much interest was manifested by those present in the several matters brought before the meeting, the particulars of which we are compelled, from the pressure upon our columns, to defer until our next publication. The proceedings continued at some length, and much interest was manifested by those present in the several matters brought before the meeting, the particulars of which we are compelled, from the pressure upon our columns, to defer until our next publication. The proceedings continued at some length, and much interest was manifested by those present in the several matters brought before the meeting, the particulars of which we are compelled, from the pressure upon our columns, to defer until our next publication. The proceedings continued at some length, and much interest was manifested by those present in the several matters brought before the meeting, the particulars of which we are compelled, from the pressure upon our columns, to defer until our next publication. The proceedings continued at some length, and much interest was manifested by those present in the several matters brought before the meeting, the particulars of which we are compelled, from the pressure upon our columns, to defer until our next publication.

Correspondence.
WHAT IS AN "EQUIVALENT?"

TO THE EDITOR OF THE NORTHERN STAR. Dear Sir,—"At length, and at last," the grand problem is solved as to what really is an "equivalent."

It is," says Lord Holland, "" in acts not words, to rob the public of the right of way; and to restore to them one of which they have been robbed some time ago. This is truly original!"

Trusting that you will give publicity to the above, I am, yours truly, July 6th.

THE LEEDS ELECTION.

TO THE EDITOR OF THE NORTHERN STAR. Gentlemen,—From the excitement at the head of the Leeds election, I wish to say a few words.

His letter is no reply to what I advanced, yet it may seem to be a reply to me.

The Editor of the Northern Star and I may differ in our opinions of Joseph Sturge as a politician, or we may agree in opinion. I don't ask that question.

July 5, 1847. William Rider.

MISPLACED LENIENCY.—A man named Leonard, who was sentenced to eight months' imprisonment for theft, appealed against the judgment.

ROYAL PROVINCIAL INSTITUTES.—At a recent visit to this excellent establishment we observed a splendid engraving.

DIRECTORS AND CONVICTED ASYLUM.—Extraordinary Thompson, Esq., proprietor of the Harborough Hospital, April 17, 1847.

The proceedings continued at some length, and much interest was manifested by those present in the several matters brought before the meeting, the particulars of which we are compelled, from the pressure upon our columns, to defer until our next publication. The proceedings continued at some length, and much interest was manifested by those present in the several matters brought before the meeting, the particulars of which we are compelled, from the pressure upon our columns, to defer until our next publication. The proceedings continued at some length, and much interest was manifested by those present in the several matters brought before the meeting, the particulars of which we are compelled, from the pressure upon our columns, to defer until our next publication. The proceedings continued at some length, and much interest was manifested by those present in the several matters brought before the meeting, the particulars of which we are compelled, from the pressure upon our columns, to defer until our next publication. The proceedings continued at some length, and much interest was manifested by those present in the several matters brought before the meeting, the particulars of which we are compelled, from the pressure upon our columns, to defer until our next publication. The proceedings continued at some length, and much interest was manifested by those present in the several matters brought before the meeting, the particulars of which we are compelled, from the pressure upon our columns, to defer until our next publication. The proceedings continued at some length, and much interest was manifested by those present in the several matters brought before the meeting, the particulars of which we are compelled, from the pressure upon our columns, to defer until our next publication. The proceedings continued at some length, and much interest was manifested by those present in the several matters brought before the meeting, the particulars of which we are compelled, from the pressure upon our columns, to defer until our next publication. The proceedings continued at some length, and much interest was manifested by those present in the several matters brought before the meeting, the particulars of which we are compelled, from the pressure upon our columns, to defer until our next publication. The proceedings continued at some length, and much interest was manifested by those present in the several matters brought before the meeting, the particulars of which we are compelled, from the pressure upon our columns, to defer until our next publication. The proceedings continued at some length, and much interest was manifested by those present in the several matters brought before the meeting, the particulars of which we are compelled, from the pressure upon our columns, to defer until our next publication. The proceedings continued at some length, and much interest was manifested by those present in the several matters brought before the meeting, the particulars of which we are compelled, from the pressure upon our columns, to defer until our next publication. The proceedings continued at some length, and much interest was manifested by those present in the several matters brought before the meeting, the particulars of which we are compelled, from the pressure upon our columns, to defer until our next publication. The proceedings continued at some length, and much interest was manifested by those present in the several matters brought before the meeting, the particulars of which we are compelled, from the pressure upon our columns, to defer until our next publication. The proceedings continued at some length, and much interest was manifested by those present in the several matters brought before the meeting, the particulars of which we are compelled, from the pressure upon our columns, to defer until our next publication. The proceedings continued at some length, and much interest was manifested by those present in the several matters brought before the meeting, the particulars of which we are compelled, from the pressure upon our columns, to defer until our next publication. The proceedings continued at some length, and much interest was manifested by those present in the several matters brought before the meeting, the particulars of which we are compelled, from the pressure upon our columns, to defer until our next publication. The proceedings continued at some length, and much interest was manifested by those present in the several matters brought before the meeting, the particulars of which we are compelled, from the pressure upon our columns, to defer until our next publication. The proceedings continued at some length, and much interest was manifested by those present in the several matters brought before the meeting, the particulars of which we are compelled, from the pressure upon our columns, to defer until our next publication. The proceedings continued at some length, and much interest was manifested by those present in the several matters brought before the meeting, the particulars of which we are compelled, from the pressure upon our columns, to defer until our next publication. The proceedings continued at some length, and much interest was manifested by those present in the several matters brought before the meeting, the particulars of which we are compelled, from the pressure upon our columns, to defer until our next publication. The proceedings continued at some length, and much interest was manifested by those present in the several matters brought before the meeting, the particulars of which we are compelled, from the pressure upon our columns, to defer until our next publication. The proceedings continued at some length, and much interest was manifested by those present in the several matters brought before the meeting, the particulars of which we are compelled, from the pressure upon our columns, to defer until our next publication. The proceedings continued at some length, and much interest was manifested by those present in the several matters brought before the meeting, the particulars of which we are compelled, from the pressure upon our columns, to defer until our next publication. The proceedings continued at some length, and much interest was manifested by those present in the several matters brought before the meeting, the particulars of which we are compelled, from the pressure upon our columns, to defer until our next publication. The proceedings continued at some length, and much interest was manifested by those present in the several matters brought before the meeting, the particulars of which we are compelled, from the pressure upon our columns, to defer until our next publication. The proceedings continued at some length, and much interest was manifested by those present in the several matters brought before the meeting, the particulars of which we are compelled, from the pressure upon our columns, to defer until our next publication. The proceedings continued at some length, and much interest was manifested by those present in the several matters brought before the meeting, the particulars of which we are compelled, from the pressure upon our columns, to defer until our next publication. The proceedings continued at some length, and much interest was manifested by those present in the several matters brought before the meeting, the particulars of which we are compelled, from the pressure upon our columns, to defer until our next publication. The proceedings continued at some length, and much interest was manifested by those present in the several matters brought before the meeting, the particulars of which we are compelled, from the pressure upon our columns, to defer until our next publication. The proceedings continued at some length, and much interest was manifested by those present in the several matters brought before the meeting, the particulars of which we are compelled, from the pressure upon our columns, to defer until our next publication. The proceedings continued at some length, and much interest was manifested by those present in the several matters brought before the meeting, the particulars of which we are compelled, from the pressure upon our columns, to defer until our next publication. The proceedings continued at some length, and much interest was manifested by those present in the several matters brought before the meeting, the particulars of which we are compelled, from the pressure upon our columns, to defer until our next publication. The proceedings continued at some length, and much interest was manifested by those present in the several matters brought before the meeting, the particulars of which we are compelled, from the pressure upon our columns, to defer until our next publication. The proceedings continued at some length, and much interest was manifested by those present in the several matters brought before the meeting, the particulars of which we are compelled, from the pressure upon our columns, to defer until our next publication. The proceedings continued at some length, and much interest was manifested by those present in the several matters brought before the meeting, the particulars of which we are compelled, from the pressure upon our columns, to defer until our next publication. The proceedings continued at some length, and much interest was manifested by those present in the several matters brought before the meeting, the particulars of which we are compelled, from the pressure upon our columns, to defer until our next publication. The proceedings continued at some length, and much interest was manifested by those present in the several matters brought before the meeting, the particulars of which we are compelled, from the pressure upon our columns, to defer until our next publication. The proceedings continued at some length, and much interest was manifested by those present in the several matters brought before the meeting, the particulars of which we are compelled, from the pressure upon our columns, to defer until our next publication. The proceedings continued at some length, and much interest was manifested by those present in the several matters brought before the meeting, the particulars of which we are compelled, from the pressure upon our columns, to defer until our next publication. The proceedings continued at some length, and much interest was manifested by those present in the several matters brought before the meeting, the particulars of which we are compelled, from the pressure upon our columns, to defer until our next publication. The proceedings continued at some length, and much interest was manifested by those present in the several matters brought before the meeting, the particulars of which we are compelled, from the pressure upon our columns, to defer until our next publication. The proceedings continued at some length, and much interest was manifested by those present in the several matters brought before the meeting, the particulars of which we are compelled, from the pressure upon our columns, to defer until our next publication. The proceedings continued at some length, and much interest was manifested by those present in the several matters brought before the meeting, the particulars of which we are compelled, from the pressure upon our columns, to defer until our next publication. The proceedings continued at some length, and much interest was manifested by those present in the several matters brought before the meeting, the particulars of which we are compelled, from the pressure upon our columns, to defer until our next publication. The proceedings continued at some length, and much interest was manifested by those present in the several matters brought before the meeting, the particulars of which we are compelled, from the pressure upon our columns, to defer until our next publication. The proceedings continued at some length, and much interest was manifested by those present in the several matters brought before the meeting, the particulars of which we are compelled, from the pressure upon our columns, to defer until our next publication. The proceedings continued at some length, and much interest was manifested by those present in the several matters brought before the meeting, the particulars of which we are compelled, from the pressure upon our columns, to defer until our next publication. The proceedings continued at some length, and much interest was manifested by those present in the several matters brought before the meeting, the particulars of which we are compelled, from the pressure upon our columns, to defer until our next publication. The proceedings continued at some length, and much interest was manifested by those present in the several matters brought before the meeting, the particulars of which we are compelled, from the pressure upon our columns, to defer until our next publication. The proceedings continued at some length, and much interest was manifested by those present in the several matters brought before the meeting, the particulars of which we are compelled, from the pressure upon our columns, to defer until our next publication. The proceedings continued at some length, and much interest was manifested by those present in the several matters brought before the meeting, the particulars of which we are compelled, from the pressure upon our columns, to defer until our next publication. The proceedings continued at some length, and much interest was manifested by those present in the several matters brought before the meeting, the particulars of which we are compelled, from the pressure upon our columns, to defer until our next publication. The proceedings continued at some length, and much interest was manifested by those present in the several matters brought before the meeting, the particulars of which we are compelled, from the pressure upon our columns, to defer until our next publication. The proceedings continued at some length, and much interest was manifested by those present in the several matters brought before the meeting, the particulars of which we are compelled, from the pressure upon our columns, to defer until our next publication. The proceedings continued at some length, and much interest was manifested by those present in the several matters brought before the meeting, the particulars of which we are compelled, from the pressure upon our columns, to defer until our next publication. The proceedings continued at some length, and much interest was manifested by those present in the several matters brought before the meeting, the particulars of which we are compelled, from the pressure upon our columns, to defer until our next publication. The proceedings continued at some length, and much interest was manifested by those present in the several matters brought before the meeting, the particulars of which we are compelled, from the pressure upon our columns, to defer until our next publication. The proceedings continued at some length, and much interest was manifested by those present in the several matters brought before the meeting, the particulars of which we are compelled, from the pressure upon our columns, to defer until our next publication. The proceedings continued at some length, and much interest was manifested by those present in the several matters brought before the meeting, the particulars of which we are compelled, from the pressure upon our columns, to defer until our next publication.
